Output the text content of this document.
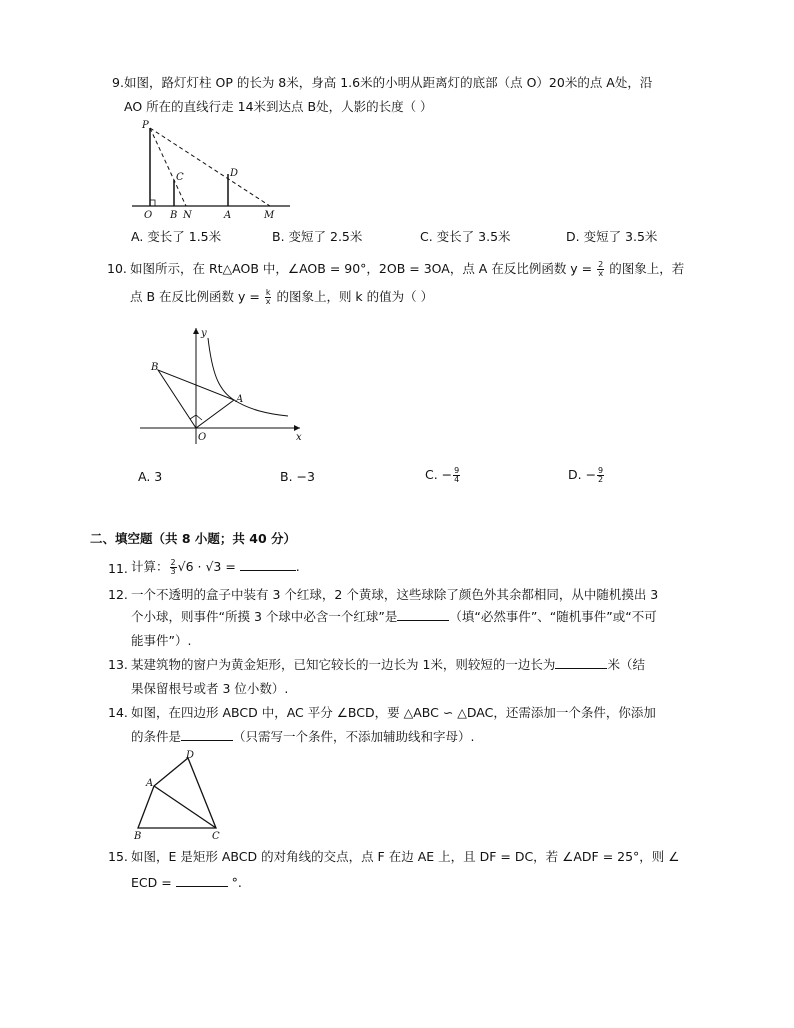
9. 如图，路灯灯柱 OP 的长为 8米，身高 1.6米的小明从距离灯的底部（点 O）20米的点 A处，沿
AO 所在的直线行走 14米到达点 B处，人影的长度（ ）
P
C	D
O B N	A	M
A. 变长了 1.5米	B. 变短了 2.5米	C. 变长了 3.5米	D. 变短了 3.5米
10. 如图所示，在 Rt△AOB 中，∠AOB = 90°，2OB = 3OA，点 A 在反比例函数 $y = \frac{2}{x}$ 的图象上，若
点 B 在反比例函数 $y = \frac{k}{x}$ 的图象上，则 k 的值为（ ）
y
B
A
O	x
A. 3	B. −3	C. − $\frac{9}{4}$	D. − $\frac{9}{2}$
二、填空题（共 8 小题；共 40 分）
11. 计算： $\frac{2}{3} √6 \cdot √3$ =	.
12. 一个不透明的盒子中装有 3 个红球，2 个黄球，这些球除了颜色外其余都相同，从中随机摸出 3
个小球，则事件“所摸 3 个球中必含一个红球”是	（填“必然事件”、“随机事件”或“不可
能事件”）.
13. 某建筑物的窗户为黄金矩形，已知它较长的一边长为 1米，则较短的一边长为	米（结
果保留根号或者 3 位小数）.
14. 如图，在四边形 ABCD 中，AC 平分 ∠BCD，要 △ABC ∽ △DAC，还需添加一个条件，你添加
的条件是	（只需写一个条件，不添加辅助线和字母）.
D
A
B	C
15. 如图，E 是矩形 ABCD 的对角线的交点，点 F 在边 AE 上，且 DF = DC，若 ∠ADF = 25°，则 ∠
ECD =	°.
